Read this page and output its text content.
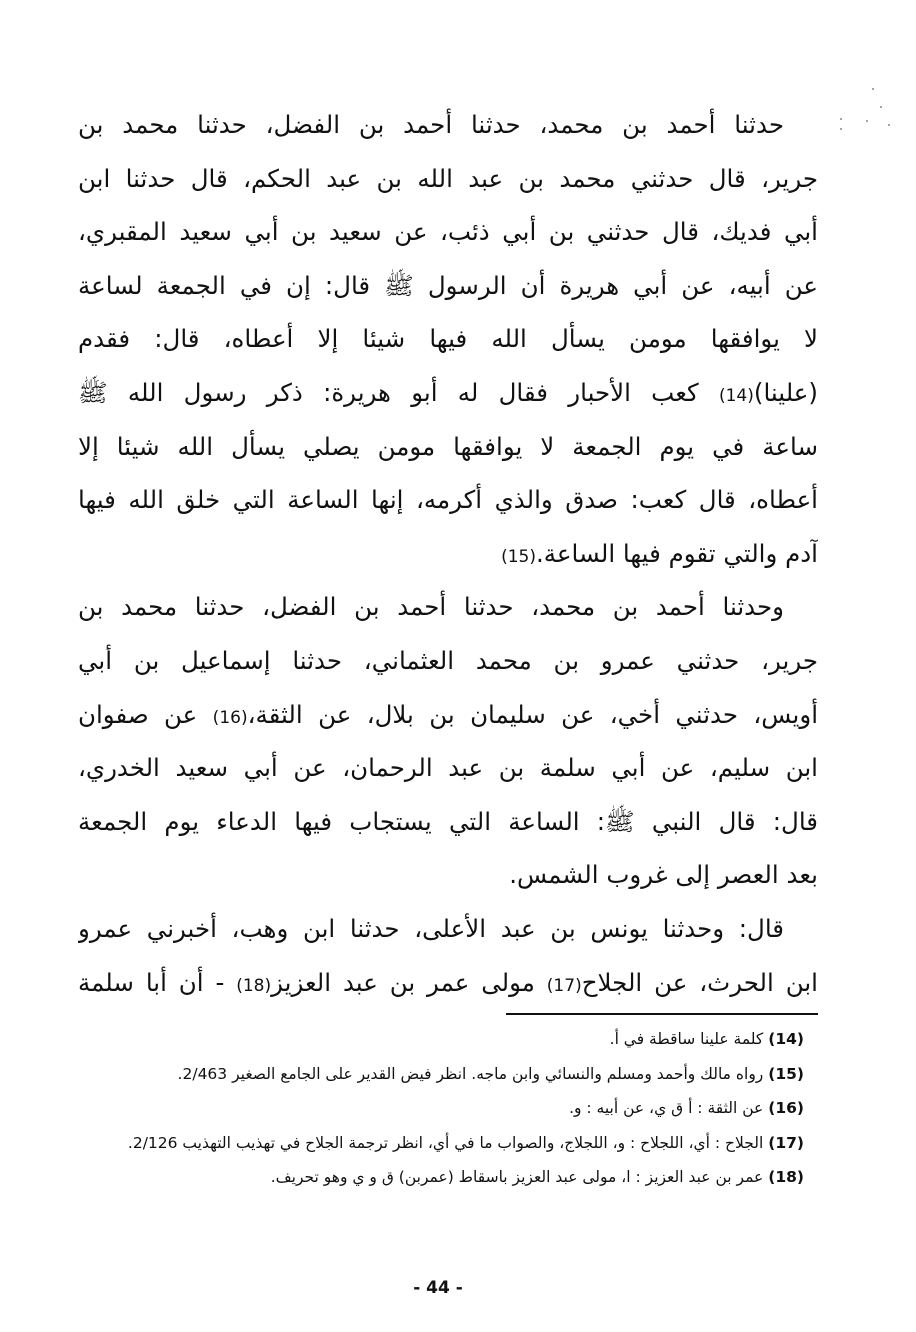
حدثنا أحمد بن محمد، حدثنا أحمد بن الفضل، حدثنا محمد بن
جرير، قال حدثني محمد بن عبد الله بن عبد الحكم، قال حدثنا ابن
أبي فديك، قال حدثني بن أبي ذئب، عن سعيد بن أبي سعيد المقبري،
عن أبيه، عن أبي هريرة أن الرسول ﷺ قال: إن في الجمعة لساعة
لا يوافقها مومن يسأل الله فيها شيئا إلا أعطاه، قال: فقدم
(علينا)(14) كعب الأحبار فقال له أبو هريرة: ذكر رسول الله ﷺ
ساعة في يوم الجمعة لا يوافقها مومن يصلي يسأل الله شيئا إلا
أعطاه، قال كعب: صدق والذي أكرمه، إنها الساعة التي خلق الله فيها
آدم والتي تقوم فيها الساعة.(15)
وحدثنا أحمد بن محمد، حدثنا أحمد بن الفضل، حدثنا محمد بن
جرير، حدثني عمرو بن محمد العثماني، حدثنا إسماعيل بن أبي
أويس، حدثني أخي، عن سليمان بن بلال، عن الثقة،(16) عن صفوان
ابن سليم، عن أبي سلمة بن عبد الرحمان، عن أبي سعيد الخدري،
قال: قال النبي ﷺ: الساعة التي يستجاب فيها الدعاء يوم الجمعة
بعد العصر إلى غروب الشمس.
قال: وحدثنا يونس بن عبد الأعلى، حدثنا ابن وهب، أخبرني عمرو
ابن الحرث، عن الجلاح(17) مولى عمر بن عبد العزيز(18) - أن أبا سلمة
(14) كلمة علينا ساقطة في أ.
(15) رواه مالك وأحمد ومسلم والنسائي وابن ماجه. انظر فيض القدير على الجامع الصغير 2/463.
(16) عن الثقة : أ ق ي، عن أبيه : و.
(17) الجلاح : أي، اللجلاح : و، اللجلاج، والصواب ما في أي، انظر ترجمة الجلاح في تهذيب التهذيب 2/126.
(18) عمر بن عبد العزيز : ا، مولى عبد العزيز باسقاط (عمربن) ق و ي وهو تحريف.
- 44 -
